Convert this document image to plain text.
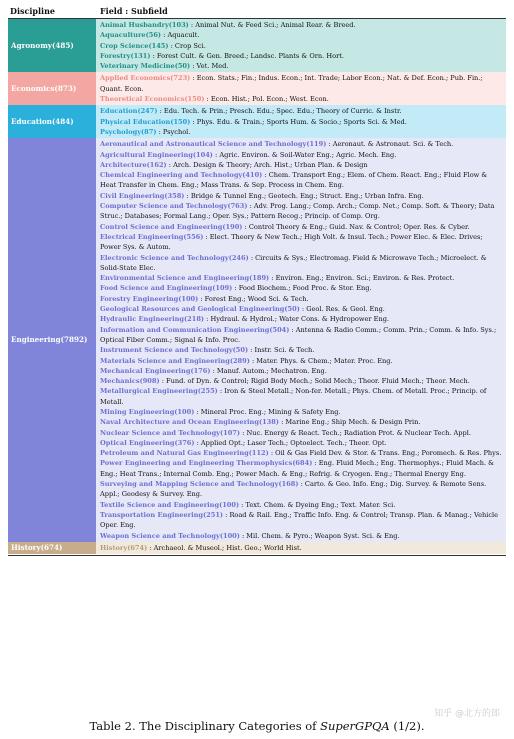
Discipline	Field : Subfield
Agronomy(485)
Animal Husbandry(103) : Animal Nut. & Feed Sci.; Animal Rear. & Breed.
Aquaculture(56) : Aquacult.
Crop Science(145) : Crop Sci.
Forestry(131) : Forest Cult. & Gen. Breed.; Landsc. Plants & Orn. Hort.
Veterinary Medicine(50) : Vet. Med.
Economics(873)
Applied Economics(723) : Econ. Stats.; Fin.; Indus. Econ.; Int. Trade; Labor Econ.; Nat. & Def. Econ.; Pub. Fin.; Quant. Econ.
Theoretical Economics(150) : Econ. Hist.; Pol. Econ.; West. Econ.
Education(484)
Education(247) : Edu. Tech. & Prin.; Presch. Edu.; Spec. Edu.; Theory of Curric. & Instr.
Physical Education(150) : Phys. Edu. & Train.; Sports Hum. & Socio.; Sports Sci. & Med.
Psychology(87) : Psychol.
Engineering(7892)
Aeronautical and Astronautical Science and Technology(119) : Aeronaut. & Astronaut. Sci. & Tech.
Agricultural Engineering(104) : Agric. Environ. & Soil-Water Eng.; Agric. Mech. Eng.
Architecture(162) : Arch. Design & Theory; Arch. Hist.; Urban Plan. & Design
Chemical Engineering and Technology(410) : Chem. Transport Eng.; Elem. of Chem. React. Eng.; Fluid Flow & Heat Transfer in Chem. Eng.; Mass Trans. & Sep. Process in Chem. Eng.
Civil Engineering(358) : Bridge & Tunnel Eng.; Geotech. Eng.; Struct. Eng.; Urban Infra. Eng.
Computer Science and Technology(763) : Adv. Prog. Lang.; Comp. Arch.; Comp. Net.; Comp. Soft. & Theory; Data Struc.; Databases; Formal Lang.; Oper. Sys.; Pattern Recog.; Princip. of Comp. Org.
Control Science and Engineering(190) : Control Theory & Eng.; Guid. Nav. & Control; Oper. Res. & Cyber.
Electrical Engineering(556) : Elect. Theory & New Tech.; High Volt. & Insul. Tech.; Power Elec. & Elec. Drives; Power Sys. & Autom.
Electronic Science and Technology(246) : Circuits & Sys.; Electromag. Field & Microwave Tech.; Microelect. & Solid-State Elec.
Environmental Science and Engineering(189) : Environ. Eng.; Environ. Sci.; Environ. & Res. Protect.
Food Science and Engineering(109) : Food Biochem.; Food Proc. & Stor. Eng.
Forestry Engineering(100) : Forest Eng.; Wood Sci. & Tech.
Geological Resources and Geological Engineering(50) : Geol. Res. & Geol. Eng.
Hydraulic Engineering(218) : Hydraul. & Hydrol.; Water Cons. & Hydropower Eng.
Information and Communication Engineering(504) : Antenna & Radio Comm.; Comm. Prin.; Comm. & Info. Sys.; Optical Fiber Comm.; Signal & Info. Proc.
Instrument Science and Technology(50) : Instr. Sci. & Tech.
Materials Science and Engineering(289) : Mater. Phys. & Chem.; Mater. Proc. Eng.
Mechanical Engineering(176) : Manuf. Autom.; Mechatron. Eng.
Mechanics(908) : Fund. of Dyn. & Control; Rigid Body Mech.; Solid Mech.; Theor. Fluid Mech.; Theor. Mech.
Metallurgical Engineering(255) : Iron & Steel Metall.; Non-fer. Metall.; Phys. Chem. of Metall. Proc.; Princip. of Metall.
Mining Engineering(100) : Mineral Proc. Eng.; Mining & Safety Eng.
Naval Architecture and Ocean Engineering(138) : Marine Eng.; Ship Mech. & Design Prin.
Nuclear Science and Technology(107) : Nuc. Energy & React. Tech.; Radiation Prot. & Nuclear Tech. Appl.
Optical Engineering(376) : Applied Opt.; Laser Tech.; Optoelect. Tech.; Theor. Opt.
Petroleum and Natural Gas Engineering(112) : Oil & Gas Field Dev. & Stor. & Trans. Eng.; Poromech. & Res. Phys.
Power Engineering and Engineering Thermophysics(684) : Eng. Fluid Mech.; Eng. Thermophys.; Fluid Mach. & Eng.; Heat Trans.; Internal Comb. Eng.; Power Mach. & Eng.; Refrig. & Cryogen. Eng.; Thermal Energy Eng.
Surveying and Mapping Science and Technology(168) : Carto. & Geo. Info. Eng.; Dig. Survey. & Remote Sens. Appl.; Geodesy & Survey. Eng.
Textile Science and Engineering(100) : Text. Chem. & Dyeing Eng.; Text. Mater. Sci.
Transportation Engineering(251) : Road & Rail. Eng.; Traffic Info. Eng. & Control; Transp. Plan. & Manag.; Vehicle Oper. Eng.
Weapon Science and Technology(100) : Mil. Chem. & Pyro.; Weapon Syst. Sci. & Eng.
History(674)	History(674) : Archaeol. & Museol.; Hist. Geo.; World Hist.
Table 2. The Disciplinary Categories of SuperGPQA (1/2).
知乎 @北方的郎
